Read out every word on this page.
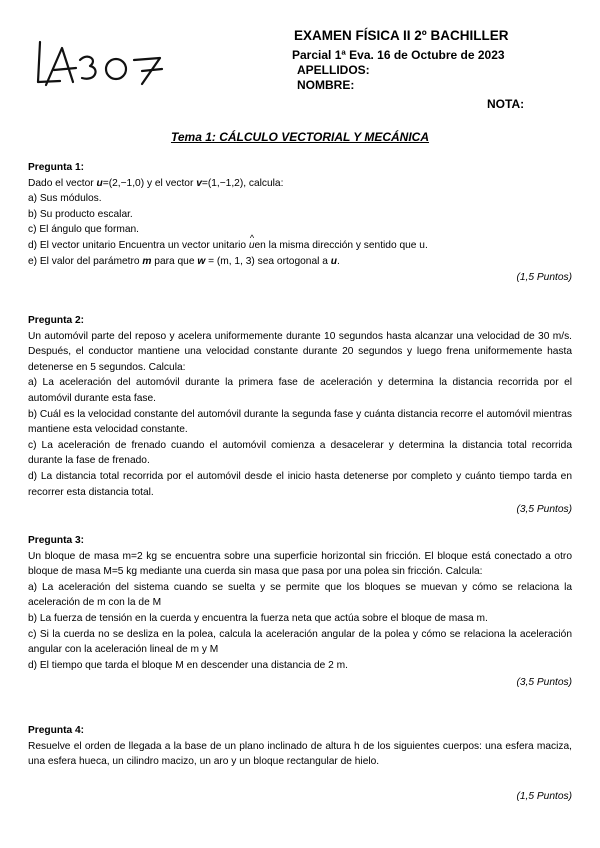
EXAMEN FÍSICA II 2º BACHILLER
Parcial 1ª Eva. 16 de Octubre de 2023
APELLIDOS:
NOMBRE:
NOTA:
Tema 1: CÁLCULO VECTORIAL Y MECÁNICA

Pregunta 1:

Dado el vector u=(2,−1,0) y el vector v=(1,−1,2), calcula:

a) Sus módulos.

b) Su producto escalar.

c) El ángulo que forman.

d) El vector unitario Encuentra un vector unitario ^ uen la misma dirección y sentido que u.

e) El valor del parámetro m para que w = (m, 1, 3) sea ortogonal a u.

(1,5 Puntos)

Pregunta 2:

Un automóvil parte del reposo y acelera uniformemente durante 10 segundos hasta alcanzar una velocidad de 30 m/s. Después, el conductor mantiene una velocidad constante durante 20 segundos y luego frena uniformemente hasta detenerse en 5 segundos. Calcula:

a) La aceleración del automóvil durante la primera fase de aceleración y determina la distancia recorrida por el automóvil durante esta fase.

b) Cuál es la velocidad constante del automóvil durante la segunda fase y cuánta distancia recorre el automóvil mientras mantiene esta velocidad constante.

c) La aceleración de frenado cuando el automóvil comienza a desacelerar y determina la distancia total recorrida durante la fase de frenado.

d) La distancia total recorrida por el automóvil desde el inicio hasta detenerse por completo y cuánto tiempo tarda en recorrer esta distancia total.

(3,5 Puntos)

Pregunta 3:

Un bloque de masa m=2 kg se encuentra sobre una superficie horizontal sin fricción. El bloque está conectado a otro bloque de masa M=5 kg mediante una cuerda sin masa que pasa por una polea sin fricción. Calcula:

a) La aceleración del sistema cuando se suelta y se permite que los bloques se muevan y cómo se relaciona la aceleración de m con la de M

b) La fuerza de tensión en la cuerda y encuentra la fuerza neta que actúa sobre el bloque de masa m.

c) Si la cuerda no se desliza en la polea, calcula la aceleración angular de la polea y cómo se relaciona la aceleración angular con la aceleración lineal de m y M

d) El tiempo que tarda el bloque M en descender una distancia de 2 m.

(3,5 Puntos)

Pregunta 4:

Resuelve el orden de llegada a la base de un plano inclinado de altura h de los siguientes cuerpos: una esfera maciza, una esfera hueca, un cilindro macizo, un aro y un bloque rectangular de hielo.

(1,5 Puntos)
